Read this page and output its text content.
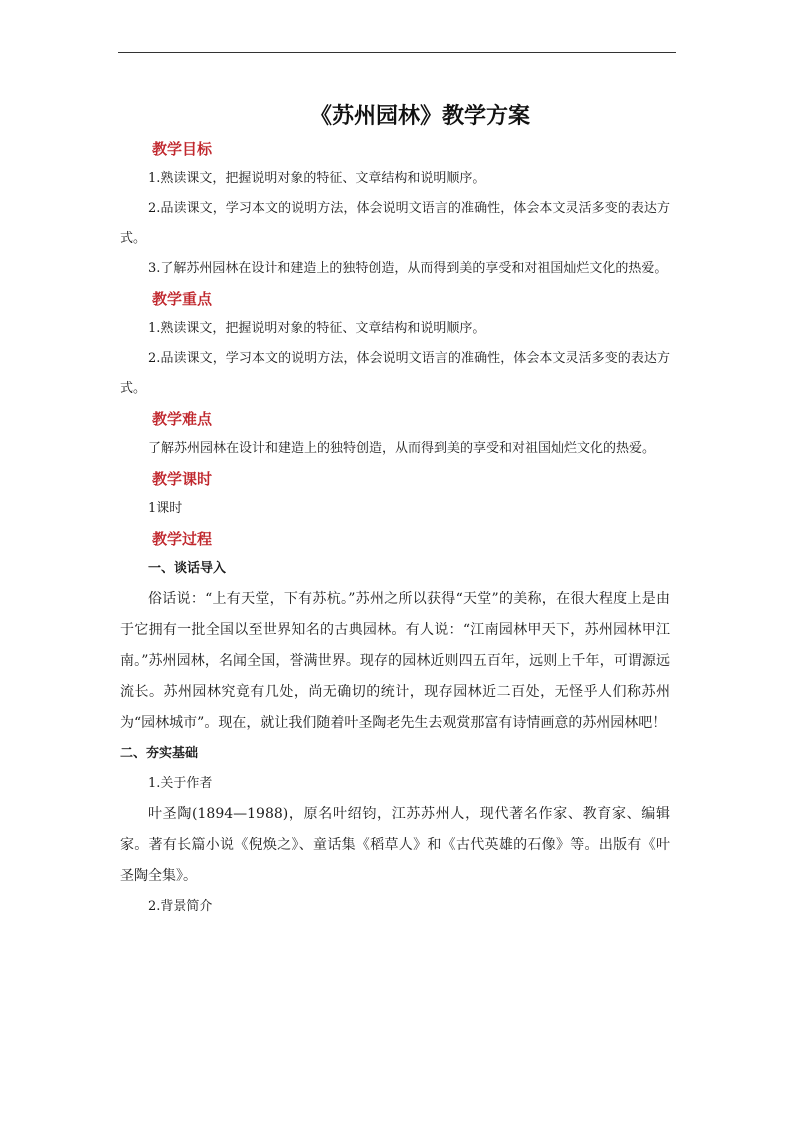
《苏州园林》教学方案
教学目标

1.熟读课文，把握说明对象的特征、文章结构和说明顺序。

2.品读课文，学习本文的说明方法，体会说明文语言的准确性，体会本文灵活多变的表达方式。

3.了解苏州园林在设计和建造上的独特创造，从而得到美的享受和对祖国灿烂文化的热爱。

教学重点

1.熟读课文，把握说明对象的特征、文章结构和说明顺序。

2.品读课文，学习本文的说明方法，体会说明文语言的准确性，体会本文灵活多变的表达方式。

教学难点

了解苏州园林在设计和建造上的独特创造，从而得到美的享受和对祖国灿烂文化的热爱。

教学课时

1课时

教学过程

一、谈话导入

俗话说：“上有天堂，下有苏杭。”苏州之所以获得“天堂”的美称，在很大程度上是由于它拥有一批全国以至世界知名的古典园林。有人说：“江南园林甲天下，苏州园林甲江南。”苏州园林，名闻全国，誉满世界。现存的园林近则四五百年，远则上千年，可谓源远流长。苏州园林究竟有几处，尚无确切的统计，现存园林近二百处，无怪乎人们称苏州为“园林城市”。现在，就让我们随着叶圣陶老先生去观赏那富有诗情画意的苏州园林吧！

二、夯实基础

1.关于作者

叶圣陶(1894—1988)，原名叶绍钧，江苏苏州人，现代著名作家、教育家、编辑家。著有长篇小说《倪焕之》、童话集《稻草人》和《古代英雄的石像》等。出版有《叶圣陶全集》。

2.背景简介
